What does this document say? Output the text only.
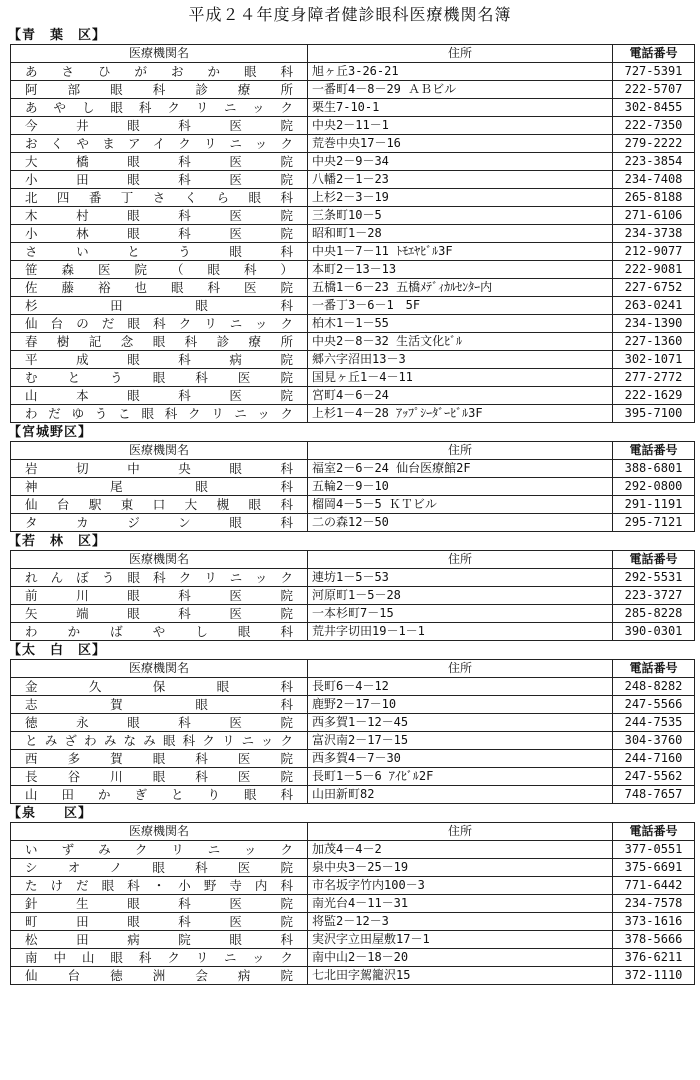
平成２４年度身障者健診眼科医療機関名簿
【青　葉　区】
医療機関名	住所	電話番号
あさひがおか眼科	旭ヶ丘3-26-21	727-5391
阿部眼科診療所	一番町4－8－29 ＡＢビル	222-5707
あやし眼科クリニック	栗生7-10-1	302-8455
今井眼科医院	中央2－11－1	222-7350
おくやまアイクリニック	荒巻中央17－16	279-2222
大橋眼科医院	中央2－9－34	223-3854
小田眼科医院	八幡2－1－23	234-7408
北四番丁さくら眼科	上杉2－3－19	265-8188
木村眼科医院	三条町10－5	271-6106
小林眼科医院	昭和町1－28	234-3738
さいとう眼科	中央1－7－11 ﾄﾓｴﾔﾋﾞﾙ3F	212-9077
笹森医院（眼科）	本町2－13－13	222-9081
佐藤裕也眼科医院	五橋1－6－23 五橋ﾒﾃﾞｨｶﾙｾﾝﾀｰ内	227-6752
杉田眼科	一番丁3－6－1　5F	263-0241
仙台のだ眼科クリニック	柏木1－1－55	234-1390
春樹記念眼科診療所	中央2－8－32 生活文化ﾋﾞﾙ	227-1360
平成眼科病院	郷六字沼田13－3	302-1071
むとう眼科医院	国見ヶ丘1－4－11	277-2772
山本眼科医院	宮町4－6－24	222-1629
わだゆうこ眼科クリニック	上杉1－4－28 ｱｯﾌﾟｼｰﾀﾞｰﾋﾞﾙ3F	395-7100
【宮城野区】
医療機関名	住所	電話番号
岩切中央眼科	福室2－6－24 仙台医療館2F	388-6801
神尾眼科	五輪2－9－10	292-0800
仙台駅東口大槻眼科	榴岡4－5－5 ＫＴビル	291-1191
タカジン眼科	二の森12－50	295-7121
【若　林　区】
医療機関名	住所	電話番号
れんぼう眼科クリニック	連坊1－5－53	292-5531
前川眼科医院	河原町1－5－28	223-3727
矢端眼科医院	一本杉町7－15	285-8228
わかばやし眼科	荒井字切田19－1－1	390-0301
【太　白　区】
医療機関名	住所	電話番号
金久保眼科	長町6－4－12	248-8282
志賀眼科	鹿野2－17－10	247-5566
徳永眼科医院	西多賀1－12－45	244-7535
とみざわみなみ眼科クリニック	富沢南2－17－15	304-3760
西多賀眼科医院	西多賀4－7－30	244-7160
長谷川眼科医院	長町1－5－6 ｱｲﾋﾞﾙ2F	247-5562
山田かぎとり眼科	山田新町82	748-7657
【泉　　区】
医療機関名	住所	電話番号
いずみクリニック	加茂4－4－2	377-0551
シオノ眼科医院	泉中央3－25－19	375-6691
たけだ眼科・小野寺内科	市名坂字竹内100－3	771-6442
針生眼科医院	南光台4－11－31	234-7578
町田眼科医院	将監2－12－3	373-1616
松田病院眼科	実沢字立田屋敷17－1	378-5666
南中山眼科クリニック	南中山2－18－20	376-6211
仙台徳洲会病院	七北田字駕籠沢15	372-1110
